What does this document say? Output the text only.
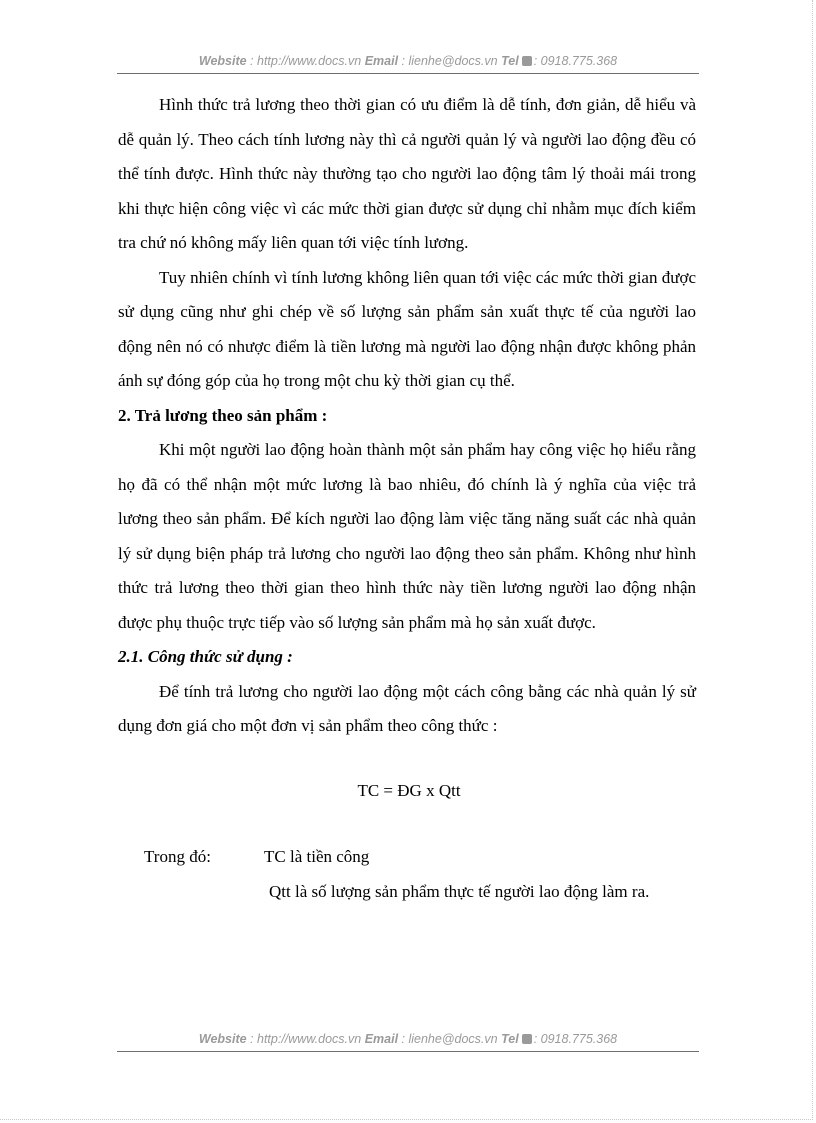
Website : http://www.docs.vn Email : lienhe@docs.vn Tel : 0918.775.368

Hình thức trả lương theo thời gian có ưu điểm là dễ tính, đơn giản, dễ hiểu và dễ quản lý. Theo cách tính lương này thì cả người quản lý và người lao động đều có thể tính được. Hình thức này thường tạo cho người lao động tâm lý thoải mái trong khi thực hiện công việc vì các mức thời gian được sử dụng chỉ nhằm mục đích kiểm tra chứ nó không mấy liên quan tới việc tính lương.

Tuy nhiên chính vì tính lương không liên quan tới việc các mức thời gian được sử dụng cũng như ghi chép về số lượng sản phẩm sản xuất thực tế của người lao động nên nó có nhược điểm là tiền lương mà người lao động nhận được không phản ánh sự đóng góp của họ trong một chu kỳ thời gian cụ thể.

2. Trả lương theo sản phẩm :

Khi một người lao động hoàn thành một sản phẩm hay công việc họ hiểu rằng họ đã có thể nhận một mức lương là bao nhiêu, đó chính là ý nghĩa của việc trả lương theo sản phẩm. Để kích người lao động làm việc tăng năng suất các nhà quản lý sử dụng biện pháp trả lương cho người lao động theo sản phẩm. Không như hình thức trả lương theo thời gian theo hình thức này tiền lương người lao động nhận được phụ thuộc trực tiếp vào số lượng sản phẩm mà họ sản xuất được.

2.1. Công thức sử dụng :

Để tính trả lương cho người lao động một cách công bằng các nhà quản lý sử dụng đơn giá cho một đơn vị sản phẩm theo công thức :

TC = ĐG x Qtt

Trong đó:	TC là tiền công
Qtt là số lượng sản phẩm thực tế người lao động làm ra.
Website : http://www.docs.vn Email : lienhe@docs.vn Tel : 0918.775.368
